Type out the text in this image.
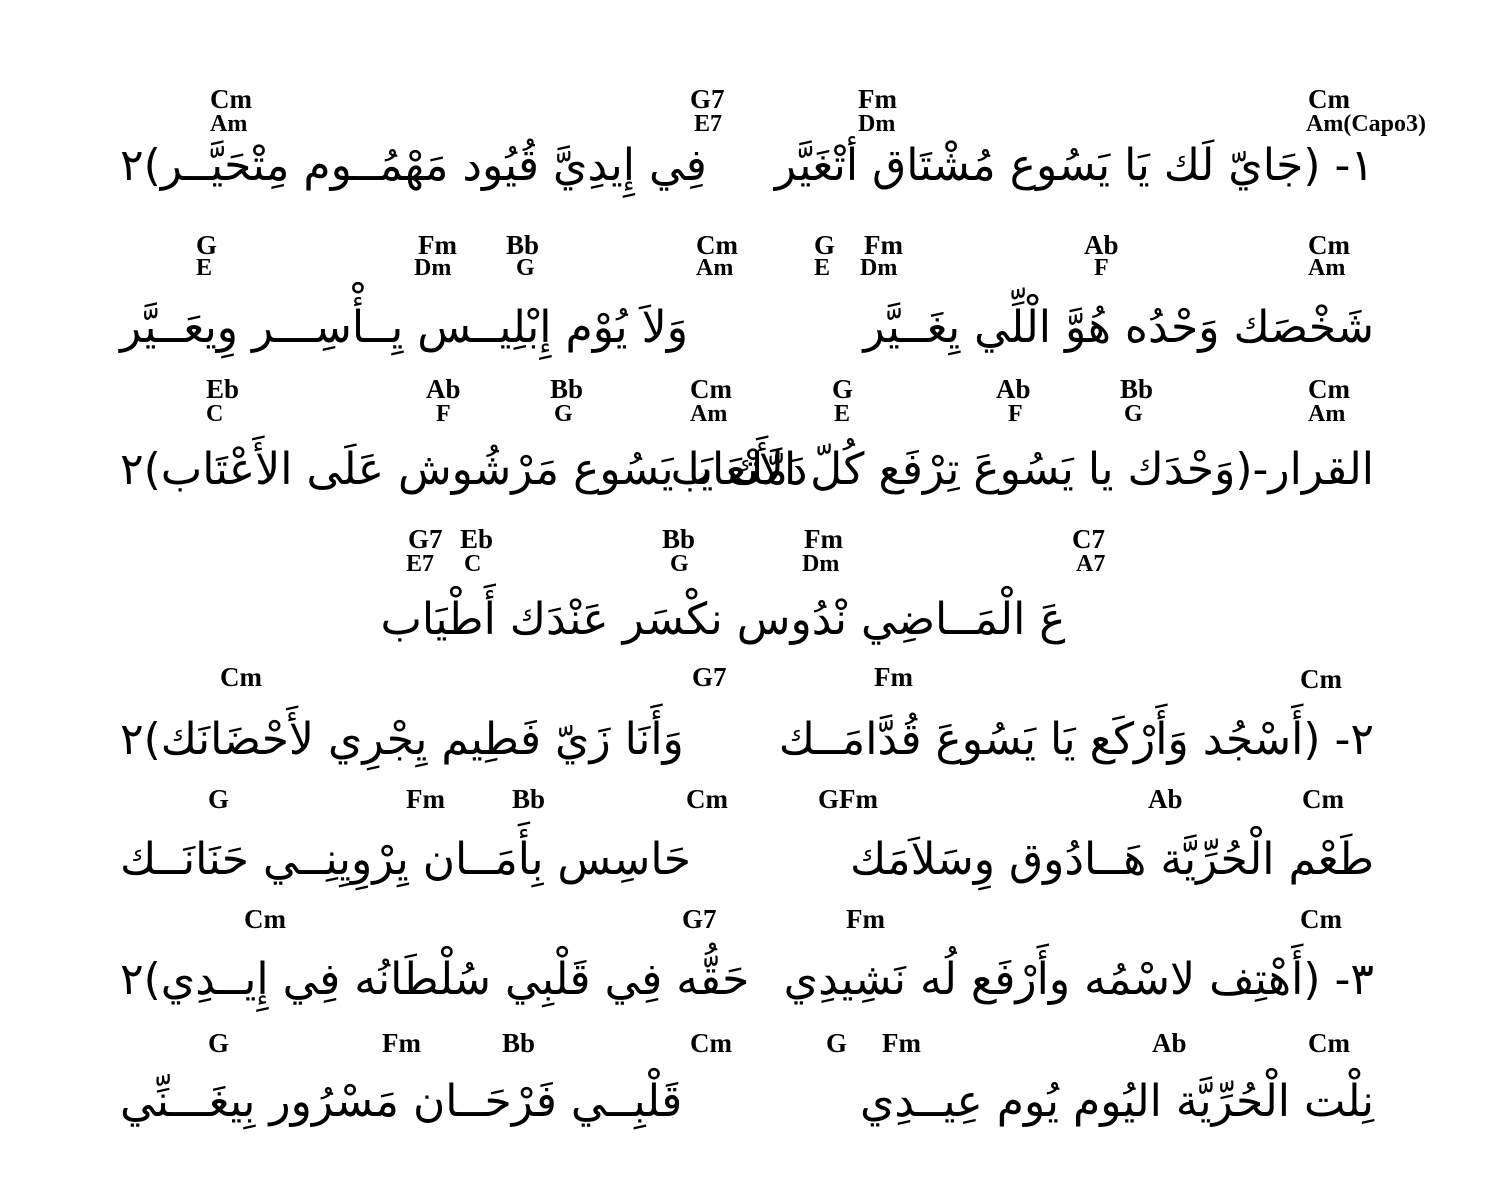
Cm
Am
G7
E7
Fm
Dm
Cm
Am(Capo3)
١- (جَايّ لَك يَا يَسُوع مُشْتَاق أتْغَيَّر
فِي إِيدِيَّ قُيُود مَهْمُــوم مِتْحَيَّــر)٢
G
E
Fm
Dm
Bb
G
Cm
Am
G
E
Fm
Dm
Ab
F
Cm
Am
شَخْصَك وَحْدُه هُوَّ الْلِّي يِغَــيَّر
وَلاَ يُوْم إِبْلِيــس يِــأْسِـــر وِيعَــيَّر
Eb
C
Ab
F
Bb
G
Cm
Am
G
E
Ab
F
Bb
G
Cm
Am
القرار-(وَحْدَك يا يَسُوعَ تِرْفَع كُلّ الأَتْعَاب
دَمَّك يَا يَسُوع مَرْشُوش عَلَى الأَعْتَاب)٢
G7
E7
Eb
C
Bb
G
Fm
Dm
C7
A7
عَ الْمَــاضِي نْدُوس نكْسَر عَنْدَك أَطْيَاب
Cm	G7	Fm	Cm
٢- (أَسْجُد وَأَرْكَع يَا يَسُوعَ قُدَّامَــك
وَأَنَا زَيّ فَطِيم يِجْرِي لأَحْضَانَك)٢
G	Fm Bb	Cm	GFm	Ab	Cm
طَعْم الْحُرِّيَّة هَــادُوق وِسَلاَمَك
حَاسِس بِأَمَــان يِرْوِيِنِــي حَنَانَــك
Cm	G7	Fm	Cm
٣- (أَهْتِف لاسْمُه وأَرْفَع لُه نَشِيدِي
حَقُّه فِي قَلْبِي سُلْطَانُه فِي إِيــدِي)٢
G	Fm	Bb	Cm	G Fm	Ab	Cm
نِلْت الْحُرِّيَّة اليُوم يُوم عِيــدِي
قَلْبِــي فَرْحَــان مَسْرُور بِيغَـــنِّي
